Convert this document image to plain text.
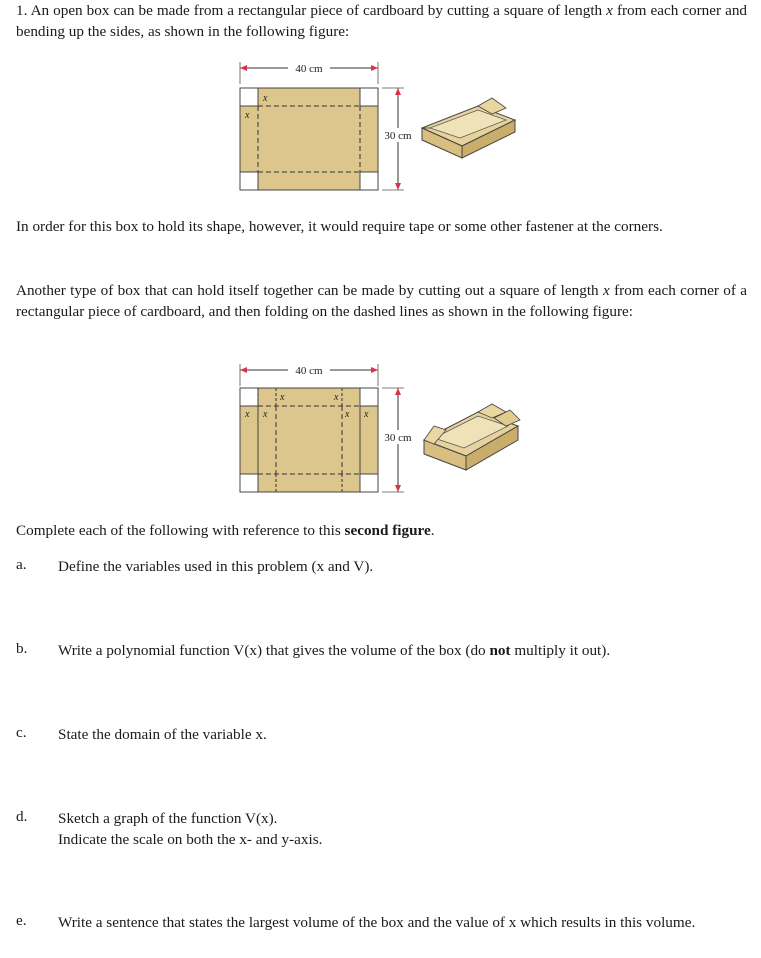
1. An open box can be made from a rectangular piece of cardboard by cutting a square of length x from each corner and bending up the sides, as shown in the following figure:
40 cm
x
x
30 cm
In order for this box to hold its shape, however, it would require tape or some other fastener at the corners.
Another type of box that can hold itself together can be made by cutting out a square of length x from each corner of a rectangular piece of cardboard, and then folding on the dashed lines as shown in the following figure:
40 cm
x	x
x x	x x
30 cm
Complete each of the following with reference to this second figure.
a. Define the variables used in this problem (x and V).
b. Write a polynomial function V(x) that gives the volume of the box (do not multiply it out).
c. State the domain of the variable x.
d. Sketch a graph of the function V(x).
Indicate the scale on both the x- and y-axis.
e. Write a sentence that states the largest volume of the box and the value of x which results in this volume.
